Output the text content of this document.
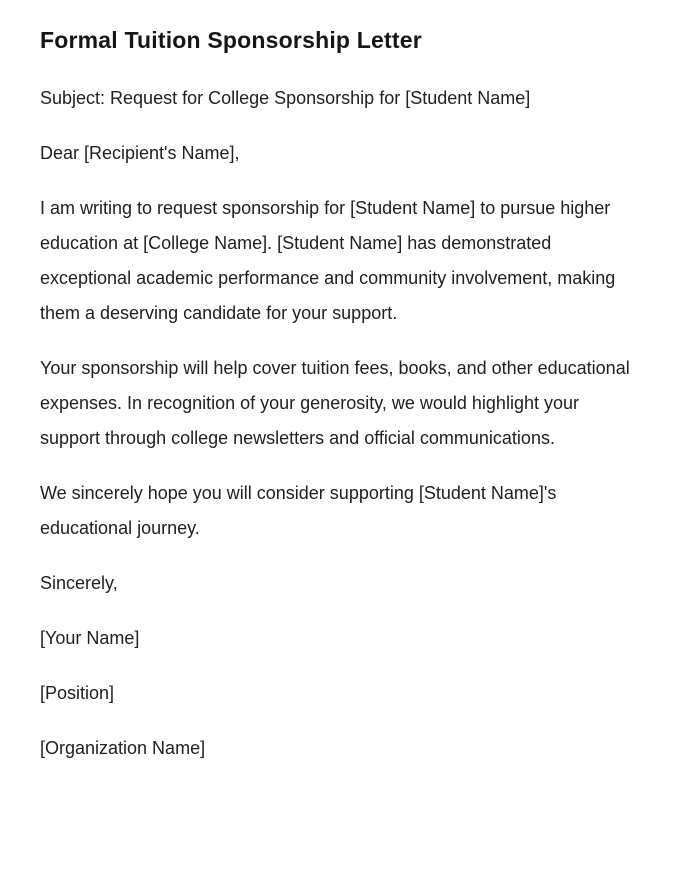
Formal Tuition Sponsorship Letter

Subject: Request for College Sponsorship for [Student Name]

Dear [Recipient's Name],

I am writing to request sponsorship for [Student Name] to pursue higher education at [College Name]. [Student Name] has demonstrated exceptional academic performance and community involvement, making them a deserving candidate for your support.

Your sponsorship will help cover tuition fees, books, and other educational expenses. In recognition of your generosity, we would highlight your support through college newsletters and official communications.

We sincerely hope you will consider supporting [Student Name]'s educational journey.

Sincerely,

[Your Name]

[Position]

[Organization Name]
